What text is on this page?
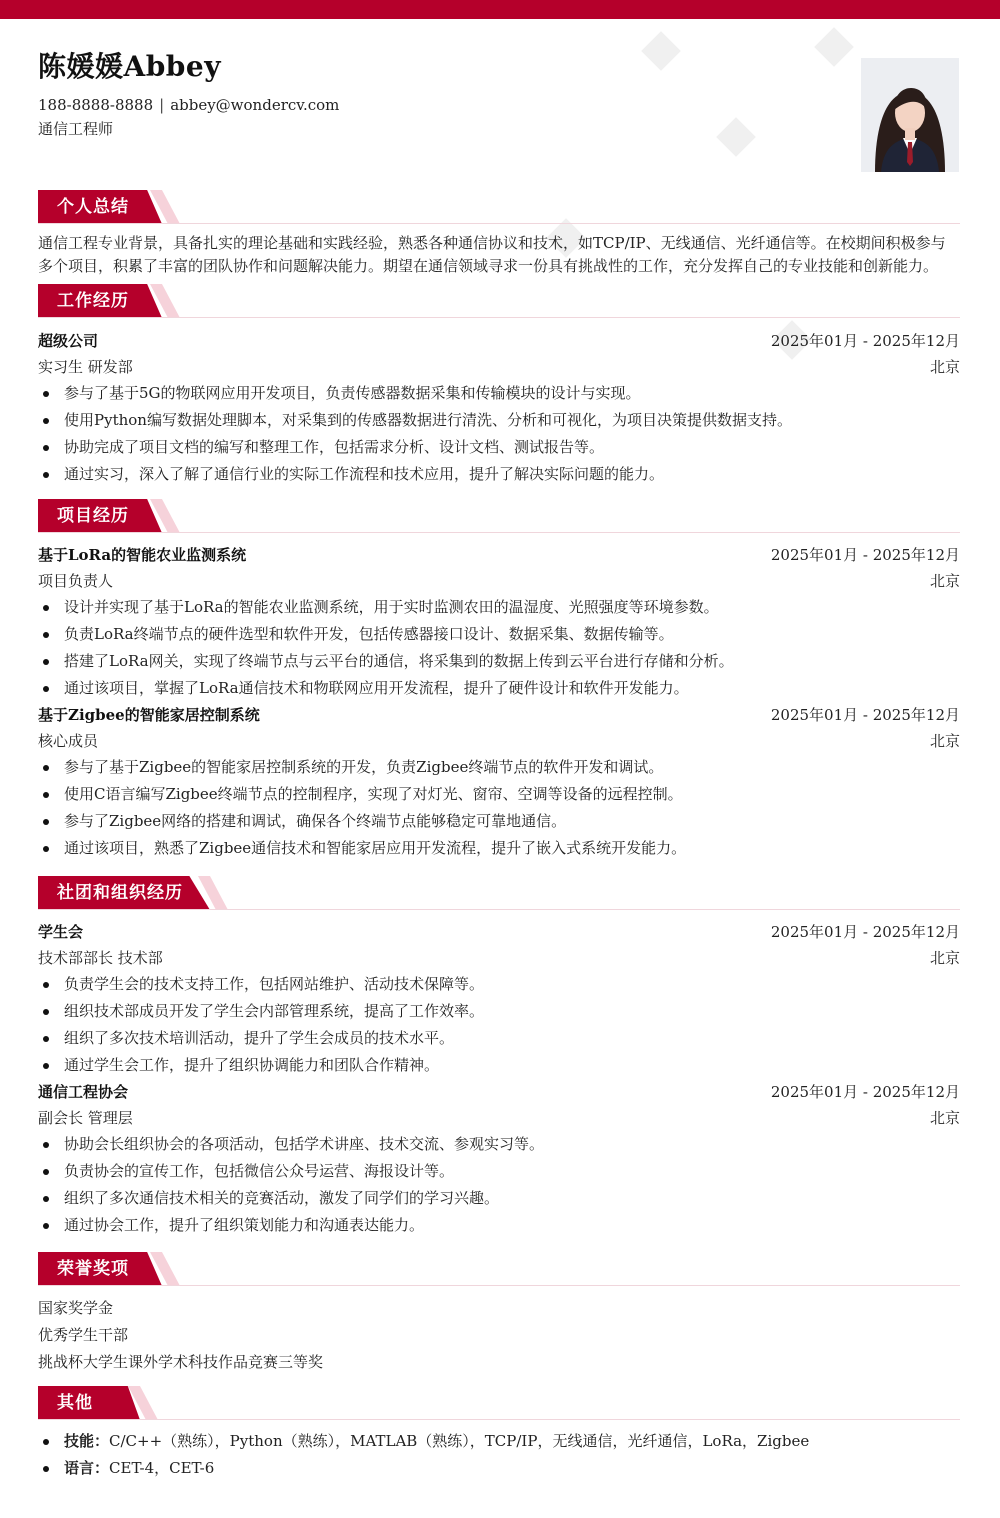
陈媛媛Abbey
188-8888-8888 | abbey@wondercv.com
通信工程师
个人总结
通信工程专业背景，具备扎实的理论基础和实践经验，熟悉各种通信协议和技术，如TCP/IP、无线通信、光纤通信等。在校期间积极参与多个项目，积累了丰富的团队协作和问题解决能力。期望在通信领域寻求一份具有挑战性的工作，充分发挥自己的专业技能和创新能力。
工作经历
超级公司	2025年01月 - 2025年12月
实习生 研发部	北京
参与了基于5G的物联网应用开发项目，负责传感器数据采集和传输模块的设计与实现。
使用Python编写数据处理脚本，对采集到的传感器数据进行清洗、分析和可视化，为项目决策提供数据支持。
协助完成了项目文档的编写和整理工作，包括需求分析、设计文档、测试报告等。
通过实习，深入了解了通信行业的实际工作流程和技术应用，提升了解决实际问题的能力。
项目经历
基于LoRa的智能农业监测系统	2025年01月 - 2025年12月
项目负责人	北京
设计并实现了基于LoRa的智能农业监测系统，用于实时监测农田的温湿度、光照强度等环境参数。
负责LoRa终端节点的硬件选型和软件开发，包括传感器接口设计、数据采集、数据传输等。
搭建了LoRa网关，实现了终端节点与云平台的通信，将采集到的数据上传到云平台进行存储和分析。
通过该项目，掌握了LoRa通信技术和物联网应用开发流程，提升了硬件设计和软件开发能力。
基于Zigbee的智能家居控制系统	2025年01月 - 2025年12月
核心成员	北京
参与了基于Zigbee的智能家居控制系统的开发，负责Zigbee终端节点的软件开发和调试。
使用C语言编写Zigbee终端节点的控制程序，实现了对灯光、窗帘、空调等设备的远程控制。
参与了Zigbee网络的搭建和调试，确保各个终端节点能够稳定可靠地通信。
通过该项目，熟悉了Zigbee通信技术和智能家居应用开发流程，提升了嵌入式系统开发能力。
社团和组织经历
学生会	2025年01月 - 2025年12月
技术部部长 技术部	北京
负责学生会的技术支持工作，包括网站维护、活动技术保障等。
组织技术部成员开发了学生会内部管理系统，提高了工作效率。
组织了多次技术培训活动，提升了学生会成员的技术水平。
通过学生会工作，提升了组织协调能力和团队合作精神。
通信工程协会	2025年01月 - 2025年12月
副会长 管理层	北京
协助会长组织协会的各项活动，包括学术讲座、技术交流、参观实习等。
负责协会的宣传工作，包括微信公众号运营、海报设计等。
组织了多次通信技术相关的竞赛活动，激发了同学们的学习兴趣。
通过协会工作，提升了组织策划能力和沟通表达能力。
荣誉奖项
国家奖学金
优秀学生干部
挑战杯大学生课外学术科技作品竞赛三等奖
其他
技能：C/C++（熟练），Python（熟练），MATLAB（熟练），TCP/IP，无线通信，光纤通信，LoRa，Zigbee
语言：CET-4，CET-6
